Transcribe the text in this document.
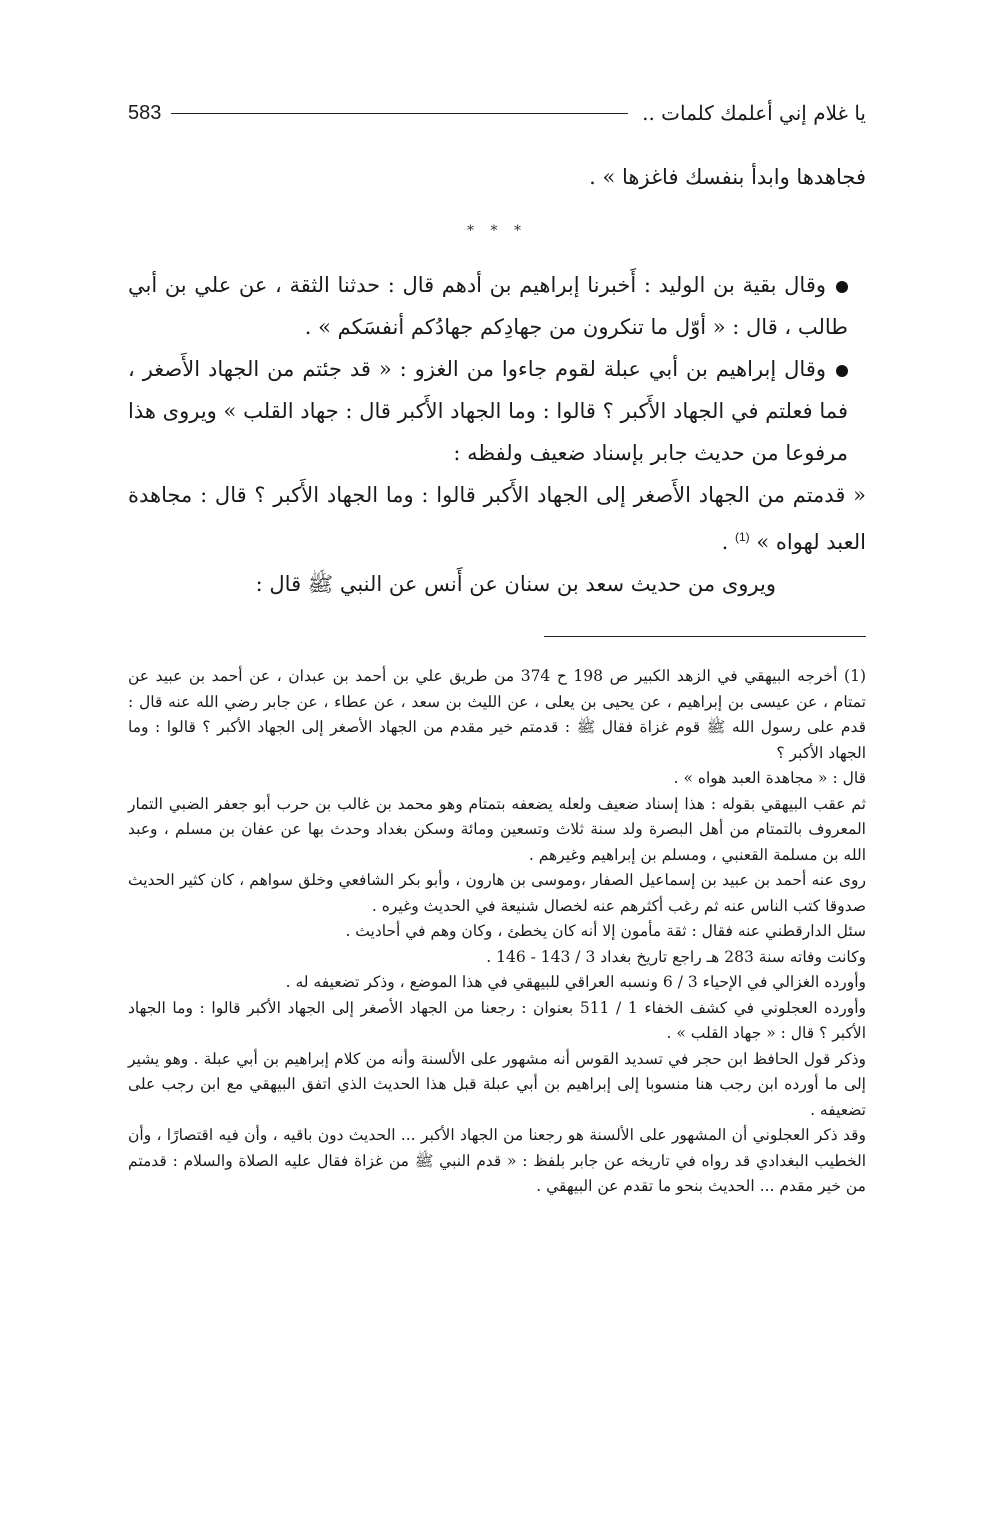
يا غلام إني أعلمك كلمات ..
583

فجاهدها وابدأ بنفسك فاغزها » .

* * *

وقال بقية بن الوليد : أَخبرنا إبراهيم بن أدهم قال : حدثنا الثقة ، عن علي بن أبي طالب ، قال : « أوّل ما تنكرون من جهادِكم جهادُكم أنفسَكم » .

وقال إبراهيم بن أبي عبلة لقوم جاءوا من الغزو : « قد جئتم من الجهاد الأَصغر ، فما فعلتم في الجهاد الأَكبر ؟ قالوا : وما الجهاد الأَكبر قال : جهاد القلب » ويروى هذا مرفوعا من حديث جابر بإسناد ضعيف ولفظه :

« قدمتم من الجهاد الأَصغر إلى الجهاد الأَكبر قالوا : وما الجهاد الأَكبر ؟ قال : مجاهدة العبد لهواه » $^{(1)}$ .

ويروى من حديث سعد بن سنان عن أَنس عن النبي ﷺ قال :

(1) أخرجه البيهقي في الزهد الكبير ص 198 ح 374 من طريق علي بن أحمد بن عبدان ، عن أحمد بن عبيد عن تمتام ، عن عيسى بن إبراهيم ، عن يحيى بن يعلى ، عن الليث بن سعد ، عن عطاء ، عن جابر رضي الله عنه قال : قدم على رسول الله ﷺ قوم غزاة فقال ﷺ : قدمتم خير مقدم من الجهاد الأصغر إلى الجهاد الأكبر ؟ قالوا : وما الجهاد الأكبر ؟

قال : « مجاهدة العبد هواه » .

ثم عقب البيهقي بقوله : هذا إسناد ضعيف ولعله يضعفه بتمتام وهو محمد بن غالب بن حرب أبو جعفر الضبي التمار المعروف بالتمتام من أهل البصرة ولد سنة ثلاث وتسعين ومائة وسكن بغداد وحدث بها عن عفان بن مسلم ، وعبد الله بن مسلمة القعنبي ، ومسلم بن إبراهيم وغيرهم .

روى عنه أحمد بن عبيد بن إسماعيل الصفار ،وموسى بن هارون ، وأبو بكر الشافعي وخلق سواهم ، كان كثير الحديث صدوقا كتب الناس عنه ثم رغب أكثرهم عنه لخصال شنيعة في الحديث وغيره .

سئل الدارقطني عنه فقال : ثقة مأمون إلا أنه كان يخطئ ، وكان وهم في أحاديث .

وكانت وفاته سنة 283 هـ راجع تاريخ بغداد 3 / 143 - 146 .

وأورده الغزالي في الإحياء 3 / 6 ونسبه العراقي للبيهقي في هذا الموضع ، وذكر تضعيفه له .

وأورده العجلوني في كشف الخفاء 1 / 511 بعنوان : رجعنا من الجهاد الأصغر إلى الجهاد الأكبر قالوا : وما الجهاد الأكبر ؟ قال : « جهاد القلب » .

وذكر قول الحافظ ابن حجر في تسديد القوس أنه مشهور على الألسنة وأنه من كلام إبراهيم بن أبي عبلة . وهو يشير إلى ما أورده ابن رجب هنا منسوبا إلى إبراهيم بن أبي عبلة قبل هذا الحديث الذي اتفق البيهقي مع ابن رجب على تضعيفه .

وقد ذكر العجلوني أن المشهور على الألسنة هو رجعنا من الجهاد الأكبر ... الحديث دون باقيه ، وأن فيه اقتصارًا ، وأن الخطيب البغدادي قد رواه في تاريخه عن جابر بلفظ : « قدم النبي ﷺ من غزاة فقال عليه الصلاة والسلام : قدمتم من خير مقدم ... الحديث بنحو ما تقدم عن البيهقي .
